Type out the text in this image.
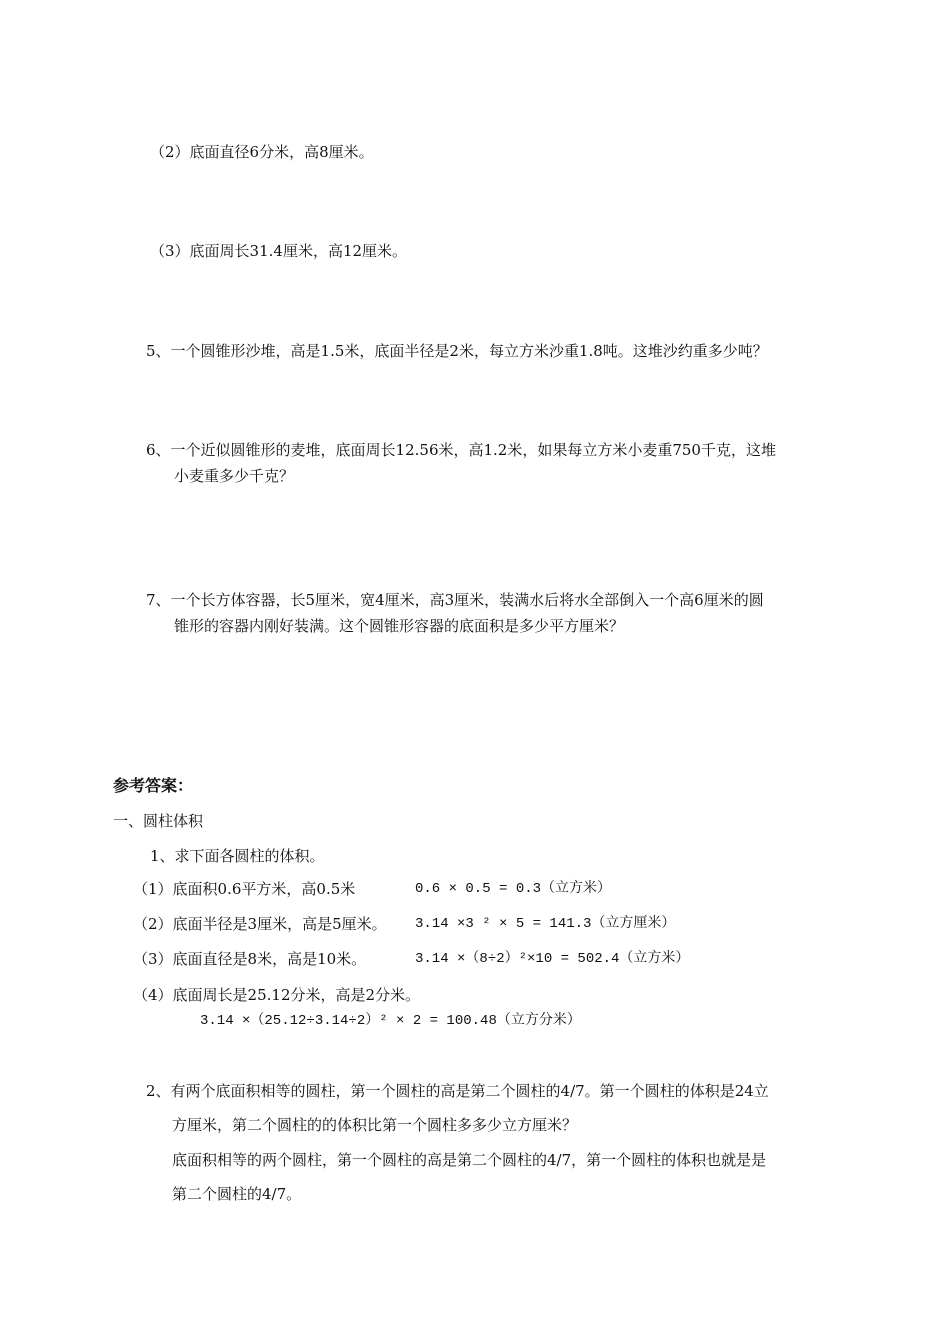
（2）底面直径6分米，高8厘米。
（3）底面周长31.4厘米，高12厘米。
5、一个圆锥形沙堆，高是1.5米，底面半径是2米，每立方米沙重1.8吨。这堆沙约重多少吨？
6、一个近似圆锥形的麦堆，底面周长12.56米，高1.2米，如果每立方米小麦重750千克，这堆
小麦重多少千克？
7、一个长方体容器，长5厘米，宽4厘米，高3厘米，装满水后将水全部倒入一个高6厘米的圆
锥形的容器内刚好装满。这个圆锥形容器的底面积是多少平方厘米？
参考答案：
一、圆柱体积
1、求下面各圆柱的体积。
（1）底面积0.6平方米，高0.5米	0.6 × 0.5 = 0.3（立方米）
（2）底面半径是3厘米，高是5厘米。 3.14 ×3 ² × 5 = 141.3（立方厘米）
（3）底面直径是8米，高是10米。	3.14 ×（8÷2）²×10 = 502.4（立方米）
（4）底面周长是25.12分米，高是2分米。
3.14 ×（25.12÷3.14÷2）² × 2 = 100.48（立方分米）
2、有两个底面积相等的圆柱，第一个圆柱的高是第二个圆柱的4/7。第一个圆柱的体积是24立
方厘米，第二个圆柱的的体积比第一个圆柱多多少立方厘米？
底面积相等的两个圆柱，第一个圆柱的高是第二个圆柱的4/7，第一个圆柱的体积也就是是
第二个圆柱的4/7。
